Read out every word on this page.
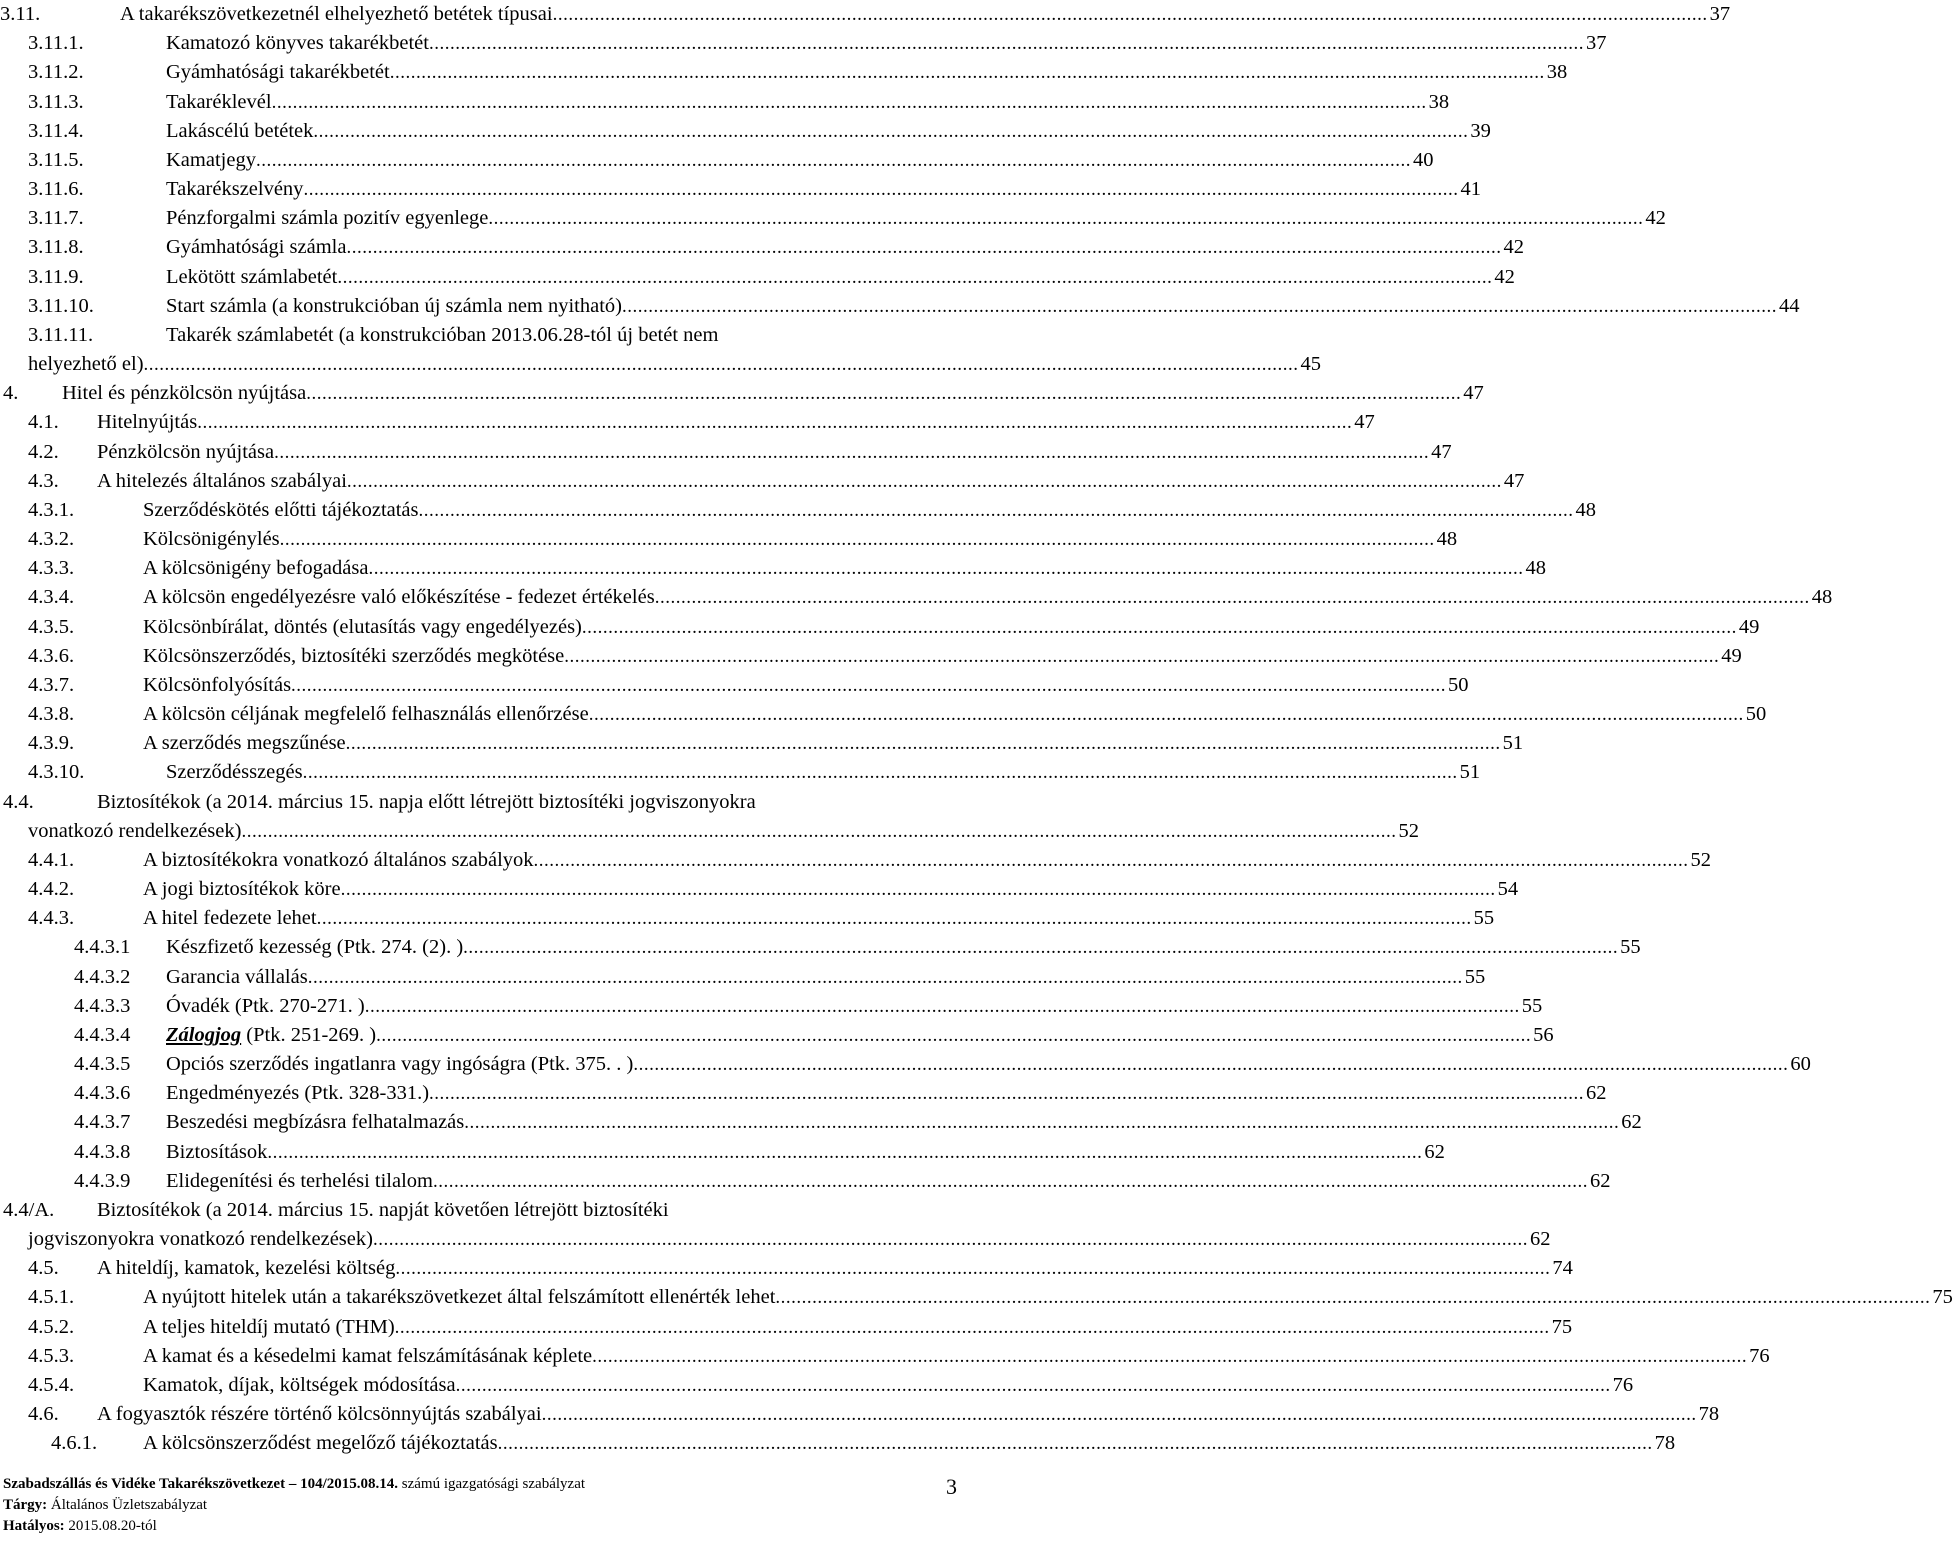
3.11.	A takarékszövetkezetnél elhelyezhető betétek típusai ............................................................................................................................................................................................................................ 37
3.11.1.	Kamatozó könyves takarékbetét ............................................................................................................................................................................................................................ 37
3.11.2.	Gyámhatósági takarékbetét ............................................................................................................................................................................................................................ 38
3.11.3.	Takaréklevél ............................................................................................................................................................................................................................ 38
3.11.4.	Lakáscélú betétek ............................................................................................................................................................................................................................ 39
3.11.5.	Kamatjegy ............................................................................................................................................................................................................................ 40
3.11.6.	Takarékszelvény ............................................................................................................................................................................................................................ 41
3.11.7.	Pénzforgalmi számla pozitív egyenlege ............................................................................................................................................................................................................................ 42
3.11.8.	Gyámhatósági számla ............................................................................................................................................................................................................................ 42
3.11.9.	Lekötött számlabetét ............................................................................................................................................................................................................................ 42
3.11.10.	Start számla (a konstrukcióban új számla nem nyitható) ............................................................................................................................................................................................................................ 44
3.11.11.	Takarék számlabetét (a konstrukcióban 2013.06.28-tól új betét nem
helyezhető el) ............................................................................................................................................................................................................................ 45
4. Hitel és pénzkölcsön nyújtása ............................................................................................................................................................................................................................ 47
4.1. Hitelnyújtás ............................................................................................................................................................................................................................ 47
4.2. Pénzkölcsön nyújtása ............................................................................................................................................................................................................................ 47
4.3. A hitelezés általános szabályai ............................................................................................................................................................................................................................ 47
4.3.1.	Szerződéskötés előtti tájékoztatás ............................................................................................................................................................................................................................ 48
4.3.2.	Kölcsönigénylés ............................................................................................................................................................................................................................ 48
4.3.3.	A kölcsönigény befogadása ............................................................................................................................................................................................................................ 48
4.3.4.	A kölcsön engedélyezésre való előkészítése - fedezet értékelés ............................................................................................................................................................................................................................ 48
4.3.5.	Kölcsönbírálat, döntés (elutasítás vagy engedélyezés) ............................................................................................................................................................................................................................ 49
4.3.6.	Kölcsönszerződés, biztosítéki szerződés megkötése ............................................................................................................................................................................................................................ 49
4.3.7.	Kölcsönfolyósítás ............................................................................................................................................................................................................................ 50
4.3.8.	A kölcsön céljának megfelelő felhasználás ellenőrzése ............................................................................................................................................................................................................................ 50
4.3.9.	A szerződés megszűnése ............................................................................................................................................................................................................................ 51
4.3.10.	Szerződésszegés ............................................................................................................................................................................................................................ 51
4.4.	Biztosítékok (a 2014. március 15. napja előtt létrejött biztosítéki jogviszonyokra
vonatkozó rendelkezések) ............................................................................................................................................................................................................................ 52
4.4.1.	A biztosítékokra vonatkozó általános szabályok ............................................................................................................................................................................................................................ 52
4.4.2.	A jogi biztosítékok köre ............................................................................................................................................................................................................................ 54
4.4.3.	A hitel fedezete lehet ............................................................................................................................................................................................................................ 55
4.4.3.1 Készfizető kezesség (Ptk. 274. (2). ) ............................................................................................................................................................................................................................ 55
4.4.3.2 Garancia vállalás ............................................................................................................................................................................................................................ 55
4.4.3.3 Óvadék (Ptk. 270-271. ) ............................................................................................................................................................................................................................ 55
4.4.3.4 Zálogjog (Ptk. 251-269. ) ............................................................................................................................................................................................................................ 56
4.4.3.5 Opciós szerződés ingatlanra vagy ingóságra (Ptk. 375. . ) ............................................................................................................................................................................................................................ 60
4.4.3.6 Engedményezés (Ptk. 328-331.) ............................................................................................................................................................................................................................ 62
4.4.3.7 Beszedési megbízásra felhatalmazás ............................................................................................................................................................................................................................ 62
4.4.3.8 Biztosítások ............................................................................................................................................................................................................................ 62
4.4.3.9 Elidegenítési és terhelési tilalom ............................................................................................................................................................................................................................ 62
4.4/A. Biztosítékok (a 2014. március 15. napját követően létrejött biztosítéki
jogviszonyokra vonatkozó rendelkezések) ............................................................................................................................................................................................................................ 62
4.5. A hiteldíj, kamatok, kezelési költség ............................................................................................................................................................................................................................ 74
4.5.1.	A nyújtott hitelek után a takarékszövetkezet által felszámított ellenérték lehet ............................................................................................................................................................................................................................ 75
4.5.2.	A teljes hiteldíj mutató (THM) ............................................................................................................................................................................................................................ 75
4.5.3.	A kamat és a késedelmi kamat felszámításának képlete ............................................................................................................................................................................................................................ 76
4.5.4.	Kamatok, díjak, költségek módosítása ............................................................................................................................................................................................................................ 76
4.6. A fogyasztók részére történő kölcsönnyújtás szabályai ............................................................................................................................................................................................................................ 78
4.6.1. A kölcsönszerződést megelőző tájékoztatás ............................................................................................................................................................................................................................ 78
Szabadszállás és Vidéke Takarékszövetkezet – 104/2015.08.14. számú igazgatósági szabályzat
Tárgy: Általános Üzletszabályzat
Hatályos: 2015.08.20-tól
3
